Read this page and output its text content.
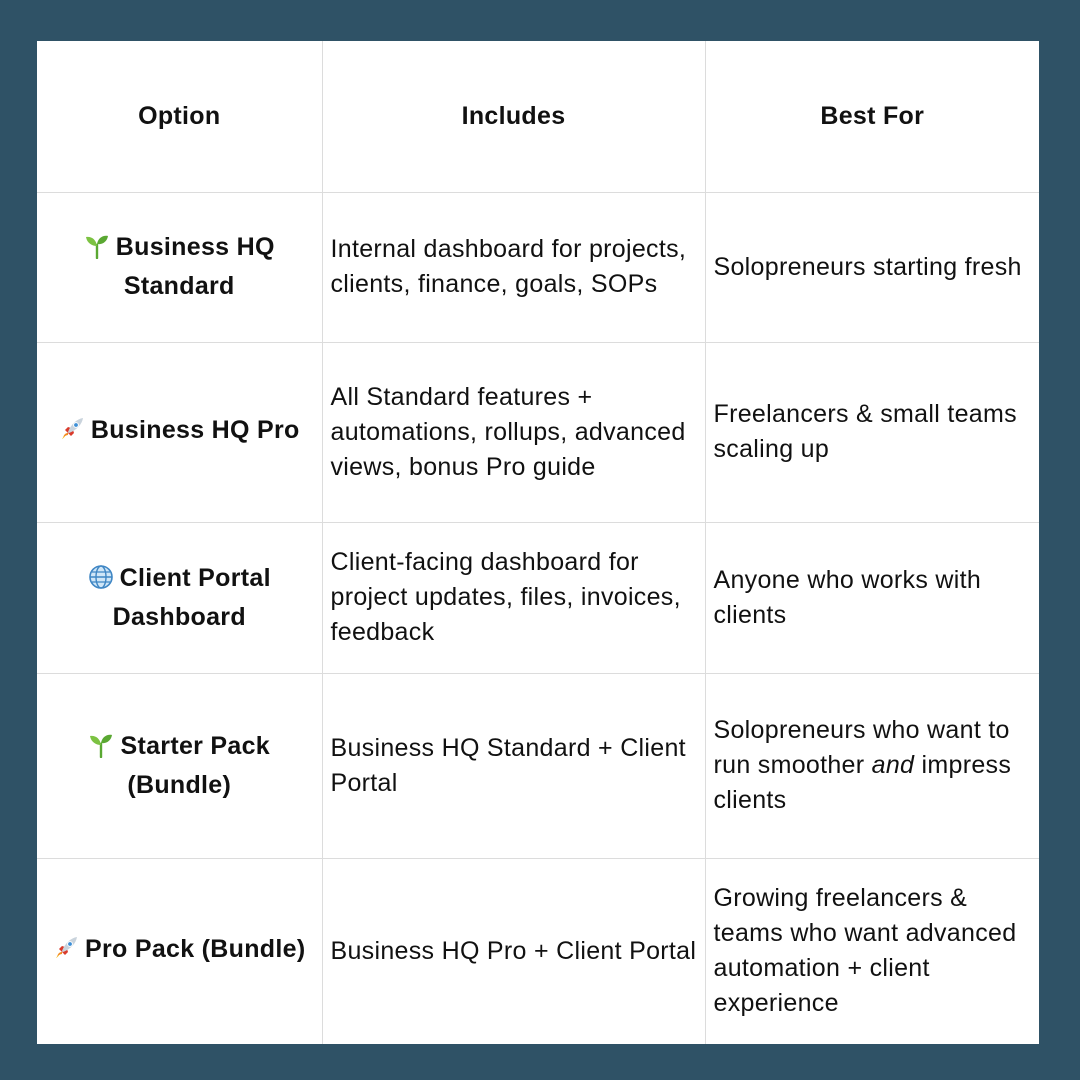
Option	Includes	Best For
Business HQ Standard	Internal dashboard for projects, clients, finance, goals, SOPs	Solopreneurs starting fresh
Business HQ Pro	All Standard features + automations, rollups, advanced views, bonus Pro guide	Freelancers & small teams scaling up
Client Portal Dashboard	Client-facing dashboard for project updates, files, invoices, feedback	Anyone who works with clients
Starter Pack (Bundle)	Business HQ Standard + Client Portal	Solopreneurs who want to run smoother and impress clients
Pro Pack (Bundle)	Business HQ Pro + Client Portal	Growing freelancers & teams who want advanced automation + client experience
